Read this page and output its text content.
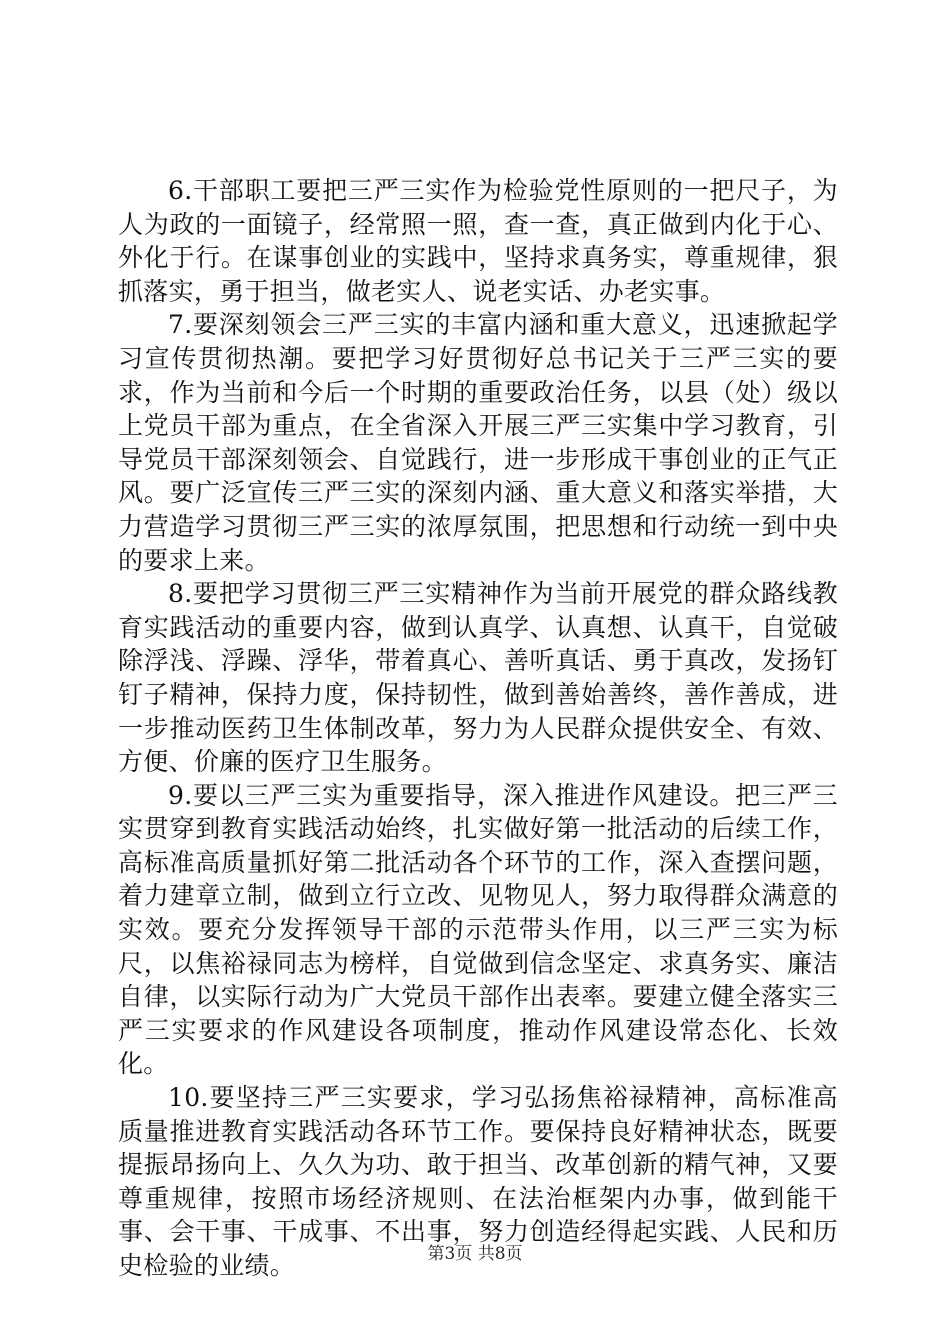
6.干部职工要把三严三实作为检验党性原则的一把尺子，为人为政的一面镜子，经常照一照，查一查，真正做到内化于心、外化于行。在谋事创业的实践中，坚持求真务实，尊重规律，狠抓落实，勇于担当，做老实人、说老实话、办老实事。

7.要深刻领会三严三实的丰富内涵和重大意义，迅速掀起学习宣传贯彻热潮。要把学习好贯彻好总书记关于三严三实的要求，作为当前和今后一个时期的重要政治任务，以县（处）级以上党员干部为重点，在全省深入开展三严三实集中学习教育，引导党员干部深刻领会、自觉践行，进一步形成干事创业的正气正风。要广泛宣传三严三实的深刻内涵、重大意义和落实举措，大力营造学习贯彻三严三实的浓厚氛围，把思想和行动统一到中央的要求上来。

8.要把学习贯彻三严三实精神作为当前开展党的群众路线教育实践活动的重要内容，做到认真学、认真想、认真干，自觉破除浮浅、浮躁、浮华，带着真心、善听真话、勇于真改，发扬钉钉子精神，保持力度，保持韧性，做到善始善终，善作善成，进一步推动医药卫生体制改革，努力为人民群众提供安全、有效、方便、价廉的医疗卫生服务。

9.要以三严三实为重要指导，深入推进作风建设。把三严三实贯穿到教育实践活动始终，扎实做好第一批活动的后续工作，高标准高质量抓好第二批活动各个环节的工作，深入查摆问题，着力建章立制，做到立行立改、见物见人，努力取得群众满意的实效。要充分发挥领导干部的示范带头作用，以三严三实为标尺，以焦裕禄同志为榜样，自觉做到信念坚定、求真务实、廉洁自律，以实际行动为广大党员干部作出表率。要建立健全落实三严三实要求的作风建设各项制度，推动作风建设常态化、长效化。

10.要坚持三严三实要求，学习弘扬焦裕禄精神，高标准高质量推进教育实践活动各环节工作。要保持良好精神状态，既要提振昂扬向上、久久为功、敢于担当、改革创新的精气神，又要尊重规律，按照市场经济规则、在法治框架内办事，做到能干事、会干事、干成事、不出事，努力创造经得起实践、人民和历史检验的业绩。	第3页 共8页
